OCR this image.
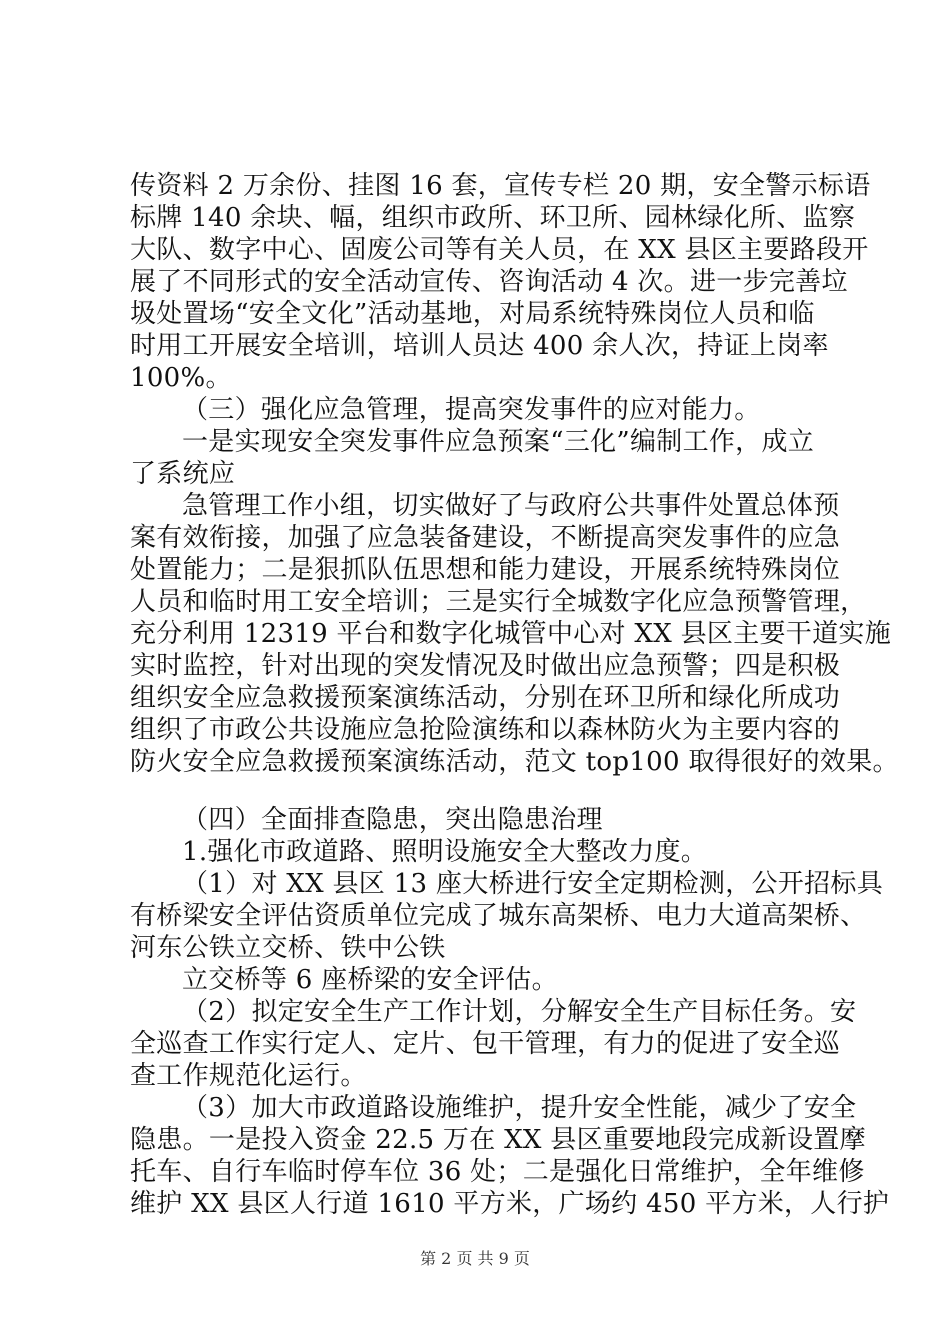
传资料 2 万余份、挂图 16 套，宣传专栏 20 期，安全警示标语
标牌 140 余块、幅，组织市政所、环卫所、园林绿化所、监察
大队、数字中心、固废公司等有关人员，在 XX 县区主要路段开
展了不同形式的安全活动宣传、咨询活动 4 次。进一步完善垃
圾处置场“安全文化”活动基地，对局系统特殊岗位人员和临
时用工开展安全培训，培训人员达 400 余人次，持证上岗率
100%。
（三）强化应急管理，提高突发事件的应对能力。
一是实现安全突发事件应急预案“三化”编制工作，成立
了系统应
急管理工作小组，切实做好了与政府公共事件处置总体预
案有效衔接，加强了应急装备建设，不断提高突发事件的应急
处置能力；二是狠抓队伍思想和能力建设，开展系统特殊岗位
人员和临时用工安全培训；三是实行全城数字化应急预警管理，
充分利用 12319 平台和数字化城管中心对 XX 县区主要干道实施
实时监控，针对出现的突发情况及时做出应急预警；四是积极
组织安全应急救援预案演练活动，分别在环卫所和绿化所成功
组织了市政公共设施应急抢险演练和以森林防火为主要内容的
防火安全应急救援预案演练活动，范文 top100 取得很好的效果。
（四）全面排查隐患，突出隐患治理
1.强化市政道路、照明设施安全大整改力度。
（1）对 XX 县区 13 座大桥进行安全定期检测，公开招标具
有桥梁安全评估资质单位完成了城东高架桥、电力大道高架桥、
河东公铁立交桥、铁中公铁
立交桥等 6 座桥梁的安全评估。
（2）拟定安全生产工作计划，分解安全生产目标任务。安
全巡查工作实行定人、定片、包干管理，有力的促进了安全巡
查工作规范化运行。
（3）加大市政道路设施维护，提升安全性能，减少了安全
隐患。一是投入资金 22.5 万在 XX 县区重要地段完成新设置摩
托车、自行车临时停车位 36 处；二是强化日常维护，全年维修
维护 XX 县区人行道 1610 平方米，广场约 450 平方米，人行护
第 2 页 共 9 页
